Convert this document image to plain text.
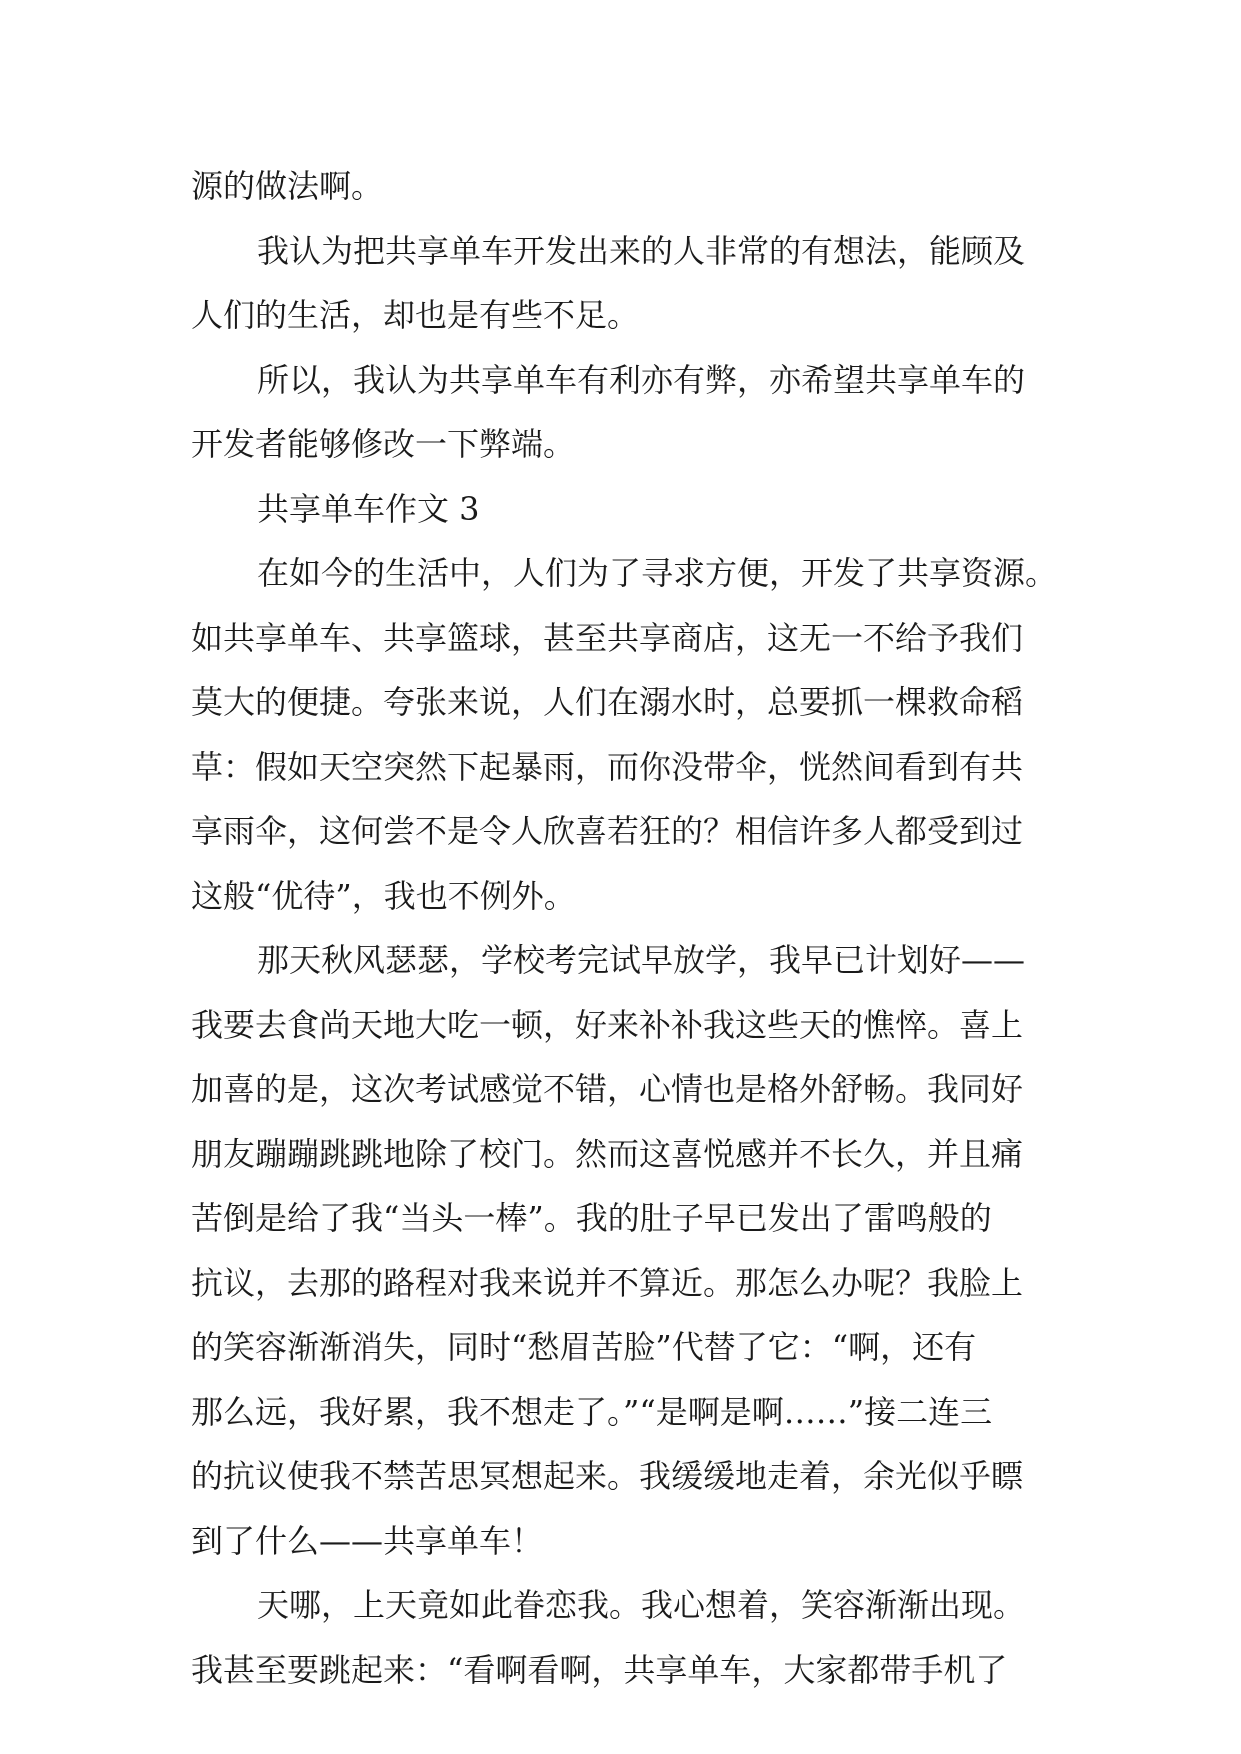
源的做法啊。
我认为把共享单车开发出来的人非常的有想法，能顾及
人们的生活，却也是有些不足。
所以，我认为共享单车有利亦有弊，亦希望共享单车的
开发者能够修改一下弊端。
共享单车作文 3
在如今的生活中，人们为了寻求方便，开发了共享资源。
如共享单车、共享篮球，甚至共享商店，这无一不给予我们
莫大的便捷。夸张来说，人们在溺水时，总要抓一棵救命稻
草：假如天空突然下起暴雨，而你没带伞，恍然间看到有共
享雨伞，这何尝不是令人欣喜若狂的？相信许多人都受到过
这般“优待”，我也不例外。
那天秋风瑟瑟，学校考完试早放学，我早已计划好——
我要去食尚天地大吃一顿，好来补补我这些天的憔悴。喜上
加喜的是，这次考试感觉不错，心情也是格外舒畅。我同好
朋友蹦蹦跳跳地除了校门。然而这喜悦感并不长久，并且痛
苦倒是给了我“当头一棒”。我的肚子早已发出了雷鸣般的
抗议，去那的路程对我来说并不算近。那怎么办呢？我脸上
的笑容渐渐消失，同时“愁眉苦脸”代替了它：“啊，还有
那么远，我好累，我不想走了。”“是啊是啊……”接二连三
的抗议使我不禁苦思冥想起来。我缓缓地走着，余光似乎瞟
到了什么——共享单车！
天哪，上天竟如此眷恋我。我心想着，笑容渐渐出现。
我甚至要跳起来：“看啊看啊，共享单车，大家都带手机了
